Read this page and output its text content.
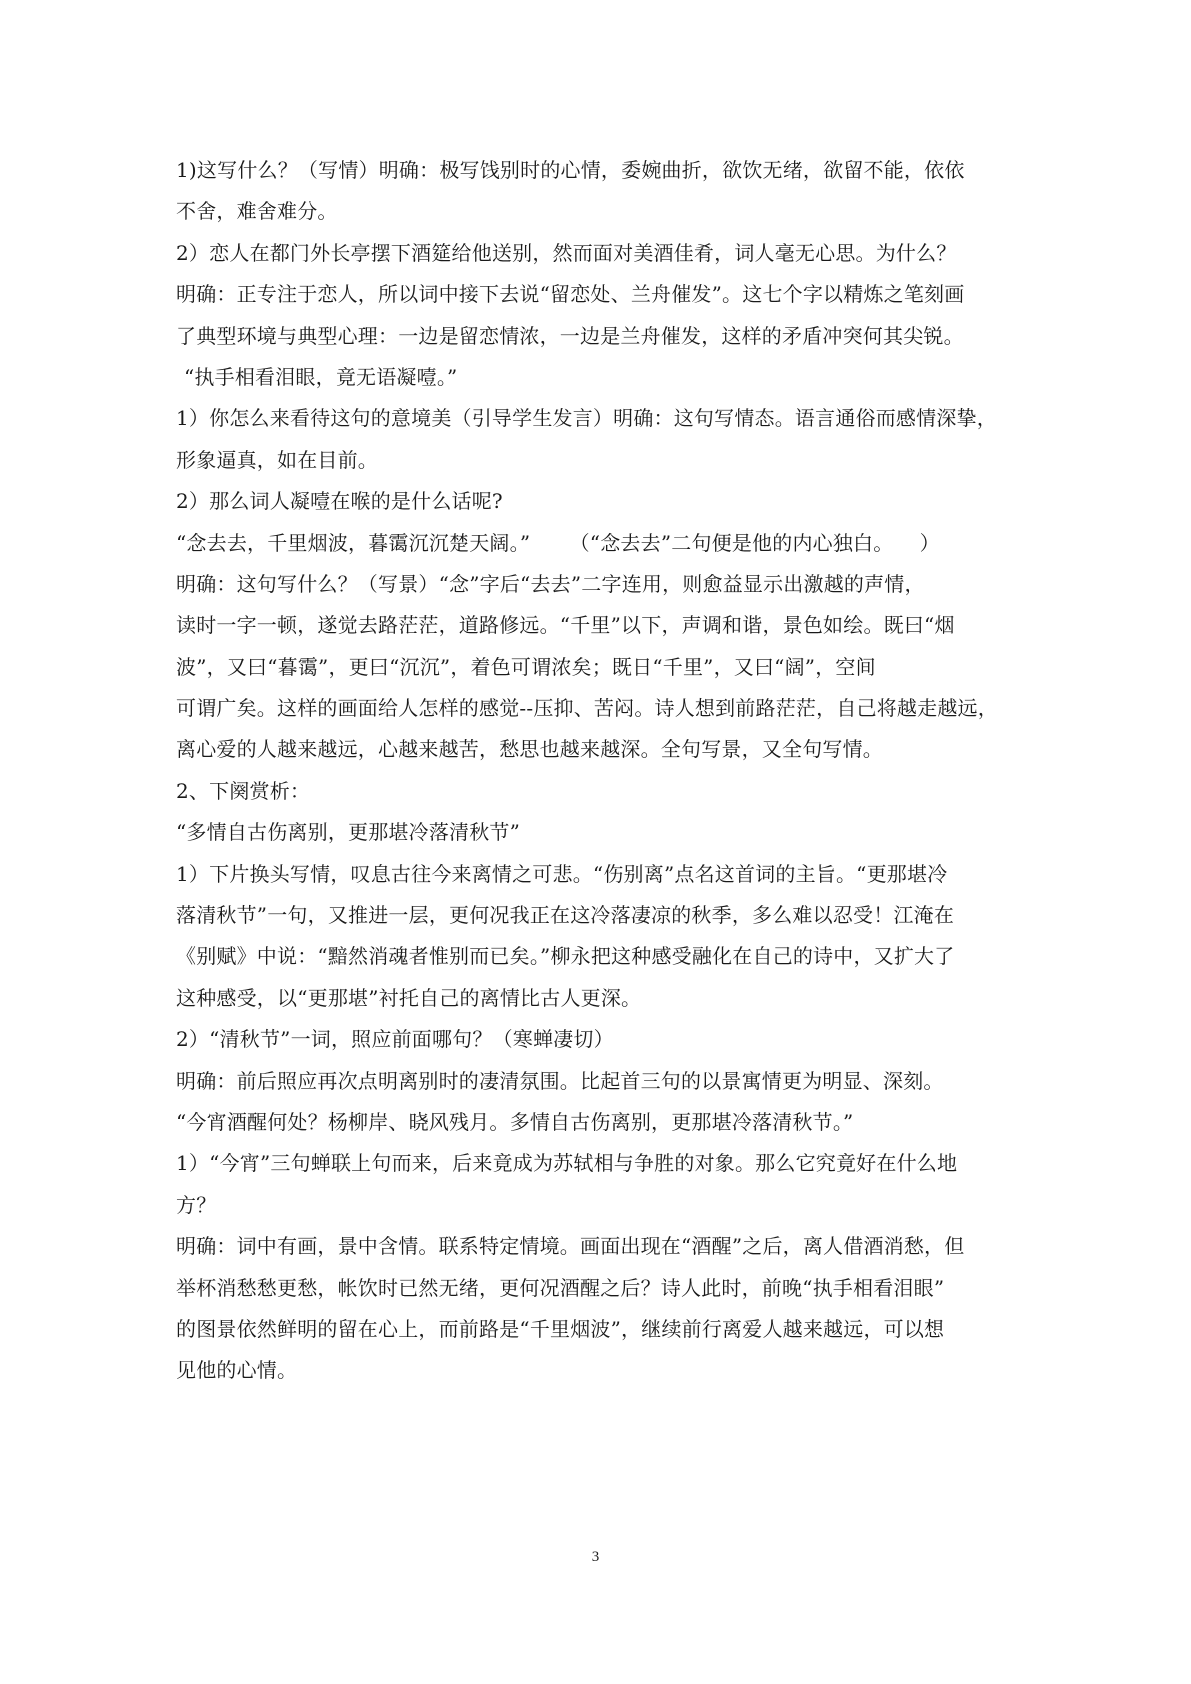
1)这写什么？（写情）明确：极写饯别时的心情，委婉曲折，欲饮无绪，欲留不能，依依
不舍，难舍难分。
2）恋人在都门外长亭摆下酒筵给他送别，然而面对美酒佳肴，词人毫无心思。为什么？
明确：正专注于恋人，所以词中接下去说“留恋处、兰舟催发”。这七个字以精炼之笔刻画
了典型环境与典型心理：一边是留恋情浓，一边是兰舟催发，这样的矛盾冲突何其尖锐。
“执手相看泪眼，竟无语凝噎。”
1）你怎么来看待这句的意境美（引导学生发言）明确：这句写情态。语言通俗而感情深挚，
形象逼真，如在目前。
2）那么词人凝噎在喉的是什么话呢?
“念去去，千里烟波，暮霭沉沉楚天阔。”      （“念去去”二句便是他的内心独白。    ）
明确：这句写什么？（写景）“念”字后“去去”二字连用，则愈益显示出激越的声情，
读时一字一顿，遂觉去路茫茫，道路修远。“千里”以下，声调和谐，景色如绘。既曰“烟
波”，又曰“暮霭”，更曰“沉沉”，着色可谓浓矣；既日“千里”，又曰“阔”，空间
可谓广矣。这样的画面给人怎样的感觉--压抑、苦闷。诗人想到前路茫茫，自己将越走越远，
离心爱的人越来越远，心越来越苦，愁思也越来越深。全句写景，又全句写情。
2、下阕赏析：
“多情自古伤离别，更那堪冷落清秋节”
1）下片换头写情，叹息古往今来离情之可悲。“伤别离”点名这首词的主旨。“更那堪冷
落清秋节”一句，又推进一层，更何况我正在这冷落凄凉的秋季，多么难以忍受！江淹在
《别赋》中说：“黯然消魂者惟别而已矣。”柳永把这种感受融化在自己的诗中，又扩大了
这种感受，以“更那堪”衬托自己的离情比古人更深。
2）“清秋节”一词，照应前面哪句？（寒蝉凄切）
明确：前后照应再次点明离别时的凄清氛围。比起首三句的以景寓情更为明显、深刻。
“今宵酒醒何处？杨柳岸、晓风残月。多情自古伤离别，更那堪冷落清秋节。”
1）“今宵”三句蝉联上句而来，后来竟成为苏轼相与争胜的对象。那么它究竟好在什么地
方？
明确：词中有画，景中含情。联系特定情境。画面出现在“酒醒”之后，离人借酒消愁，但
举杯消愁愁更愁，帐饮时已然无绪，更何况酒醒之后？诗人此时，前晚“执手相看泪眼”
的图景依然鲜明的留在心上，而前路是“千里烟波”，继续前行离爱人越来越远，可以想
见他的心情。
3
